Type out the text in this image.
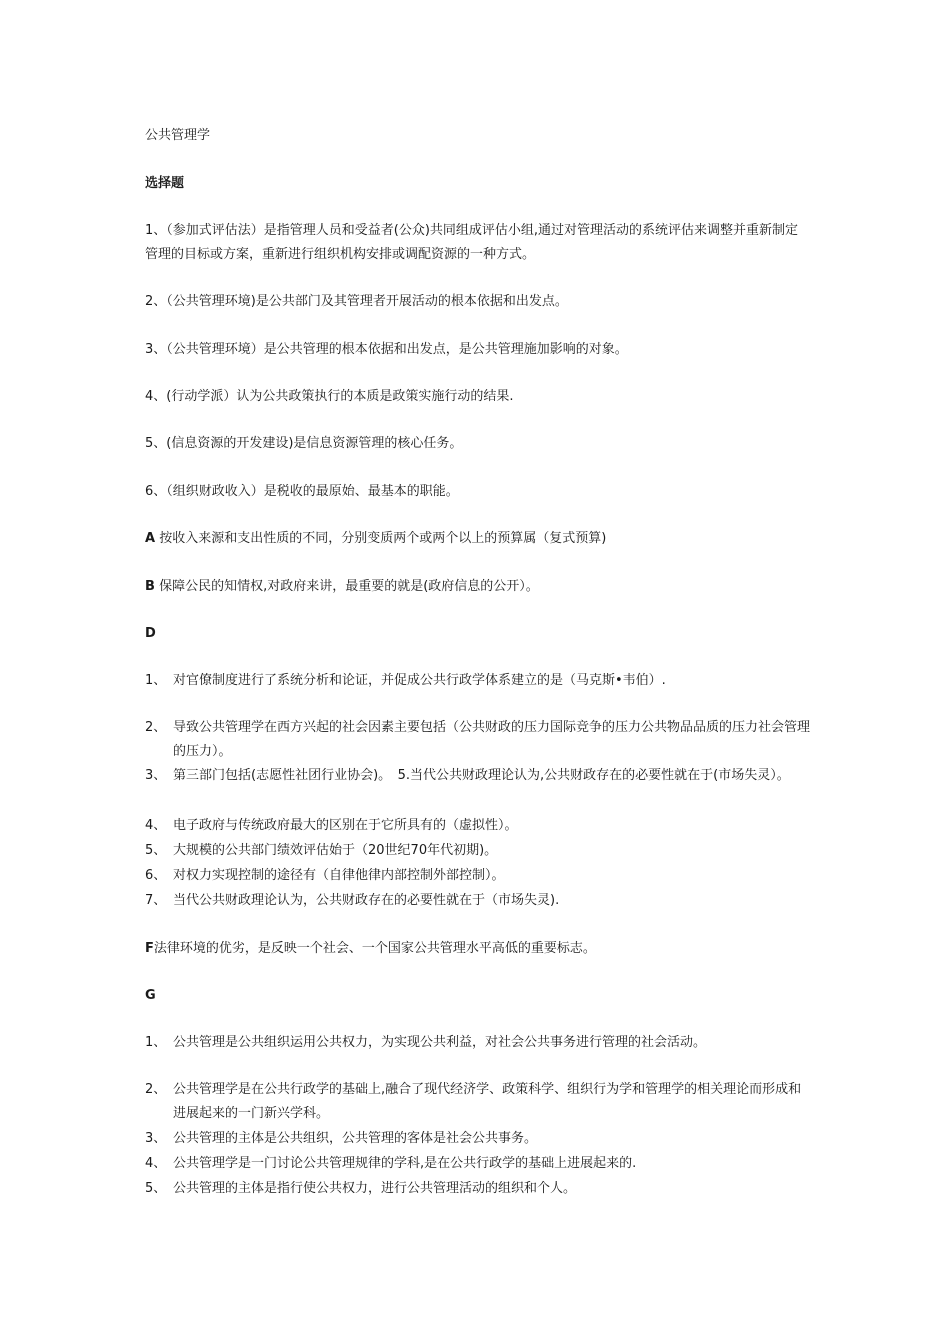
公共管理学
选择题
1、（参加式评估法）是指管理人员和受益者(公众)共同组成评估小组,通过对管理活动的系统评估来调整并重新制定管理的目标或方案，重新进行组织机构安排或调配资源的一种方式。
2、（公共管理环境)是公共部门及其管理者开展活动的根本依据和出发点。
3、（公共管理环境）是公共管理的根本依据和出发点，是公共管理施加影响的对象。
4、(行动学派）认为公共政策执行的本质是政策实施行动的结果.
5、(信息资源的开发建设)是信息资源管理的核心任务。
6、（组织财政收入）是税收的最原始、最基本的职能。
A 按收入来源和支出性质的不同，分别变质两个或两个以上的预算属（复式预算)
B 保障公民的知情权,对政府来讲，最重要的就是(政府信息的公开）。
D
1、 对官僚制度进行了系统分析和论证，并促成公共行政学体系建立的是（马克斯•韦伯）.
2、 导致公共管理学在西方兴起的社会因素主要包括（公共财政的压力国际竞争的压力公共物品品质的压力社会管理的压力）。
3、 第三部门包括(志愿性社团行业协会)。　5.当代公共财政理论认为,公共财政存在的必要性就在于(市场失灵）。
4、 电子政府与传统政府最大的区别在于它所具有的（虚拟性）。
5、 大规模的公共部门绩效评估始于（20世纪70年代初期)。
6、 对权力实现控制的途径有（自律他律内部控制外部控制）。
7、 当代公共财政理论认为，公共财政存在的必要性就在于（市场失灵).
F法律环境的优劣，是反映一个社会、一个国家公共管理水平高低的重要标志。
G
1、 公共管理是公共组织运用公共权力，为实现公共利益，对社会公共事务进行管理的社会活动。
2、 公共管理学是在公共行政学的基础上,融合了现代经济学、政策科学、组织行为学和管理学的相关理论而形成和进展起来的一门新兴学科。
3、 公共管理的主体是公共组织，公共管理的客体是社会公共事务。
4、 公共管理学是一门讨论公共管理规律的学科,是在公共行政学的基础上进展起来的.
5、 公共管理的主体是指行使公共权力，进行公共管理活动的组织和个人。
